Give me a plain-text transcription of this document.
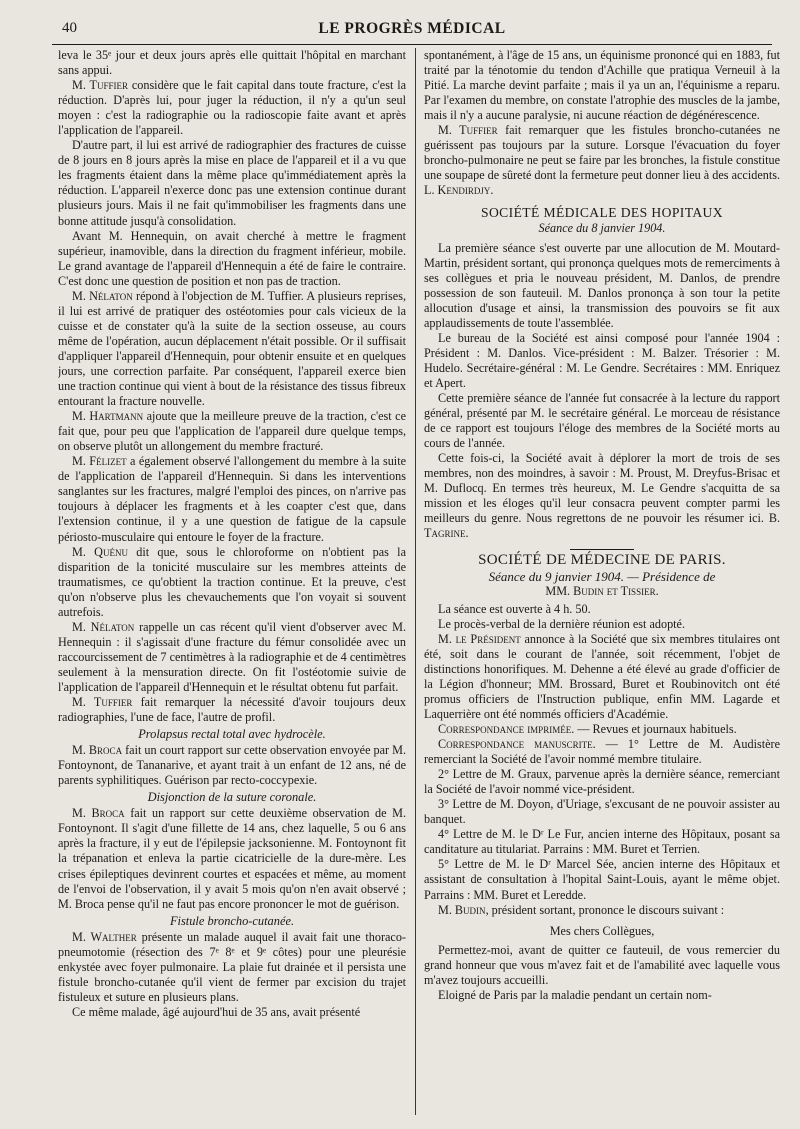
40	LE PROGRÈS MÉDICAL

leva le 35ᵉ jour et deux jours après elle quittait l'hôpital en marchant sans appui.

M. Tuffier considère que le fait capital dans toute fracture, c'est la réduction. D'après lui, pour juger la réduction, il n'y a qu'un seul moyen : c'est la radiographie ou la radioscopie faite avant et après l'application de l'appareil.

D'autre part, il lui est arrivé de radiographier des fractures de cuisse de 8 jours en 8 jours après la mise en place de l'appareil et il a vu que les fragments étaient dans la même place qu'immédiatement après la réduction. L'appareil n'exerce donc pas une extension continue durant plusieurs jours. Mais il ne fait qu'immobiliser les fragments dans une bonne attitude jusqu'à consolidation.

Avant M. Hennequin, on avait cherché à mettre le fragment supérieur, inamovible, dans la direction du fragment inférieur, mobile. Le grand avantage de l'appareil d'Hennequin a été de faire le contraire. C'est donc une question de position et non pas de traction.

M. Nélaton répond à l'objection de M. Tuffier. A plusieurs reprises, il lui est arrivé de pratiquer des ostéotomies pour cals vicieux de la cuisse et de constater qu'à la suite de la section osseuse, au cours même de l'opération, aucun déplacement n'était possible. Or il suffisait d'appliquer l'appareil d'Hennequin, pour obtenir ensuite et en quelques jours, une correction parfaite. Par conséquent, l'appareil exerce bien une traction continue qui vient à bout de la résistance des tissus fibreux entourant la fracture nouvelle.

M. Hartmann ajoute que la meilleure preuve de la traction, c'est ce fait que, pour peu que l'application de l'appareil dure quelque temps, on observe plutôt un allongement du membre fracturé.

M. Félizet a également observé l'allongement du membre à la suite de l'application de l'appareil d'Hennequin. Si dans les interventions sanglantes sur les fractures, malgré l'emploi des pinces, on n'arrive pas toujours à déplacer les fragments et à les coapter c'est que, dans l'extension continue, il y a une question de fatigue de la capsule périosto-musculaire qui entoure le foyer de la fracture.

M. Quénu dit que, sous le chloroforme on n'obtient pas la disparition de la tonicité musculaire sur les membres atteints de traumatismes, ce qu'obtient la traction continue. Et la preuve, c'est qu'on n'observe plus les chevauchements que l'on voyait si souvent autrefois.

M. Nélaton rappelle un cas récent qu'il vient d'observer avec M. Hennequin : il s'agissait d'une fracture du fémur consolidée avec un raccourcissement de 7 centimètres à la radiographie et de 4 centimètres seulement à la mensuration directe. On fit l'ostéotomie suivie de l'application de l'appareil d'Hennequin et le résultat obtenu fut parfait.

M. Tuffier fait remarquer la nécessité d'avoir toujours deux radiographies, l'une de face, l'autre de profil.

Prolapsus rectal total avec hydrocèle.

M. Broca fait un court rapport sur cette observation envoyée par M. Fontoynont, de Tananarive, et ayant trait à un enfant de 12 ans, né de parents syphilitiques. Guérison par recto-coccypexie.

Disjonction de la suture coronale.

M. Broca fait un rapport sur cette deuxième observation de M. Fontoynont. Il s'agit d'une fillette de 14 ans, chez laquelle, 5 ou 6 ans après la fracture, il y eut de l'épilepsie jacksonienne. M. Fontoynont fit la trépanation et enleva la partie cicatricielle de la dure-mère. Les crises épileptiques devinrent courtes et espacées et même, au moment de l'envoi de l'observation, il y avait 5 mois qu'on n'en avait observé ; M. Broca pense qu'il ne faut pas encore prononcer le mot de guérison.

Fistule broncho-cutanée.

M. Walther présente un malade auquel il avait fait une thoraco-pneumotomie (résection des 7ᵉ 8ᵉ et 9ᵉ côtes) pour une pleurésie enkystée avec foyer pulmonaire. La plaie fut drainée et il persista une fistule broncho-cutanée qu'il vient de fermer par excision du trajet fistuleux et suture en plusieurs plans.

Ce même malade, âgé aujourd'hui de 35 ans, avait présenté

spontanément, à l'âge de 15 ans, un équinisme prononcé qui en 1883, fut traité par la ténotomie du tendon d'Achille que pratiqua Verneuil à la Pitié. La marche devint parfaite ; mais il ya un an, l'équinisme a reparu. Par l'examen du membre, on constate l'atrophie des muscles de la jambe, mais il n'y a aucune paralysie, ni aucune réaction de dégénérescence.

M. Tuffier fait remarquer que les fistules broncho-cutanées ne guérissent pas toujours par la suture. Lorsque l'évacuation du foyer broncho-pulmonaire ne peut se faire par les bronches, la fistule constitue une soupape de sûreté dont la fermeture peut donner lieu à des accidents. L. Kendirdjy.

SOCIÉTÉ MÉDICALE DES HOPITAUX
Séance du 8 janvier 1904.

La première séance s'est ouverte par une allocution de M. Moutard-Martin, président sortant, qui prononça quelques mots de remerciments à ses collègues et pria le nouveau président, M. Danlos, de prendre possession de son fauteuil. M. Danlos prononça à son tour la petite allocution d'usage et ainsi, la transmission des pouvoirs se fit aux applaudissements de toute l'assemblée.

Le bureau de la Société est ainsi composé pour l'année 1904 : Président : M. Danlos. Vice-président : M. Balzer. Trésorier : M. Hudelo. Secrétaire-général : M. Le Gendre. Secrétaires : MM. Enriquez et Apert.

Cette première séance de l'année fut consacrée à la lecture du rapport général, présenté par M. le secrétaire général. Le morceau de résistance de ce rapport est toujours l'éloge des membres de la Société morts au cours de l'année.

Cette fois-ci, la Société avait à déplorer la mort de trois de ses membres, non des moindres, à savoir : M. Proust, M. Dreyfus-Brisac et M. Duflocq. En termes très heureux, M. Le Gendre s'acquitta de sa mission et les éloges qu'il leur consacra peuvent compter parmi les meilleurs du genre. Nous regrettons de ne pouvoir les résumer ici. B. Tagrine.

SOCIÉTÉ DE MÉDECINE DE PARIS.
Séance du 9 janvier 1904. — Présidence de
MM. Budin et Tissier.

La séance est ouverte à 4 h. 50.

Le procès-verbal de la dernière réunion est adopté.

M. le Président annonce à la Société que six membres titulaires ont été, soit dans le courant de l'année, soit récemment, l'objet de distinctions honorifiques. M. Dehenne a été élevé au grade d'officier de la Légion d'honneur; MM. Brossard, Buret et Roubinovitch ont été promus officiers de l'Instruction publique, enfin MM. Lagarde et Laquerrière ont été nommés officiers d'Académie.

Correspondance imprimée. — Revues et journaux habituels.

Correspondance manuscrite. — 1° Lettre de M. Audistère remerciant la Société de l'avoir nommé membre titulaire.

2° Lettre de M. Graux, parvenue après la dernière séance, remerciant la Société de l'avoir nommé vice-président.

3° Lettre de M. Doyon, d'Uriage, s'excusant de ne pouvoir assister au banquet.

4° Lettre de M. le Dʳ Le Fur, ancien interne des Hôpitaux, posant sa canditature au titulariat. Parrains : MM. Buret et Terrien.

5° Lettre de M. le Dʳ Marcel Sée, ancien interne des Hôpitaux et assistant de consultation à l'hopital Saint-Louis, ayant le même objet. Parrains : MM. Buret et Leredde.

M. Budin, président sortant, prononce le discours suivant :

Mes chers Collègues,

Permettez-moi, avant de quitter ce fauteuil, de vous remercier du grand honneur que vous m'avez fait et de l'amabilité avec laquelle vous m'avez toujours accueilli.

Eloigné de Paris par la maladie pendant un certain nom-
